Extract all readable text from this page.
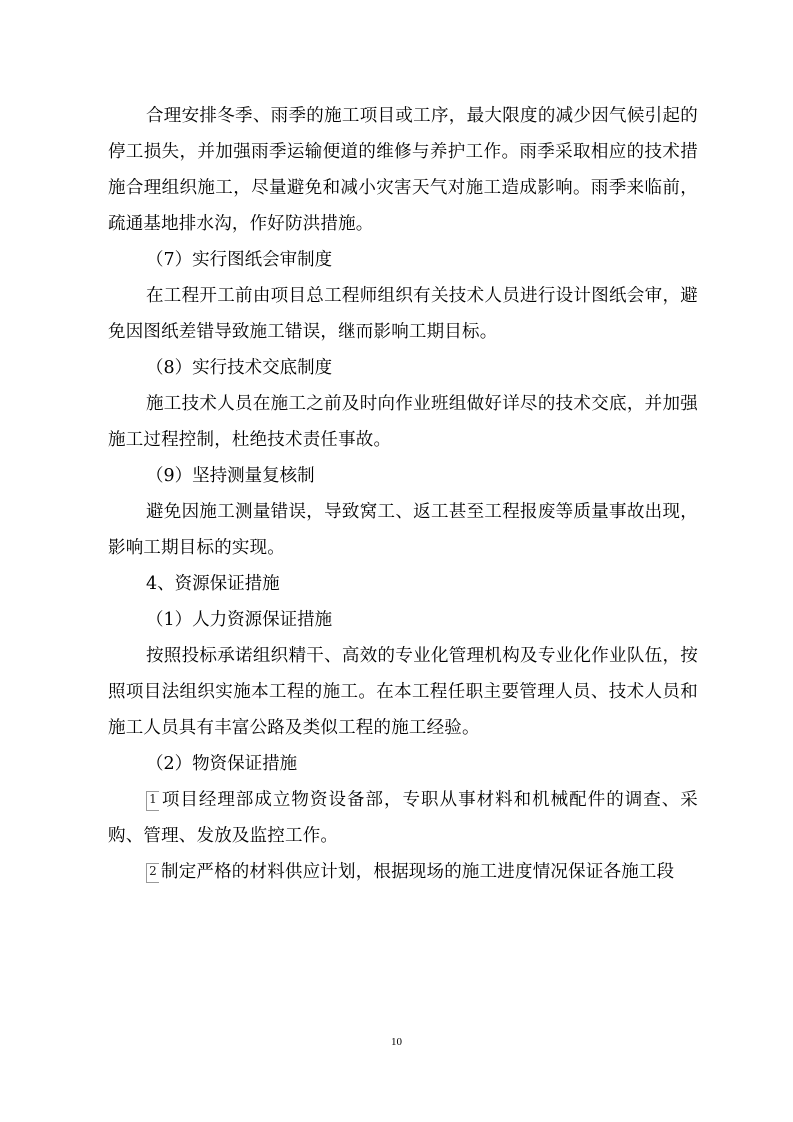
合理安排冬季、雨季的施工项目或工序，最大限度的减少因气候引起的停工损失，并加强雨季运输便道的维修与养护工作。雨季采取相应的技术措施合理组织施工，尽量避免和减小灾害天气对施工造成影响。雨季来临前，疏通基地排水沟，作好防洪措施。

（7）实行图纸会审制度

在工程开工前由项目总工程师组织有关技术人员进行设计图纸会审，避免因图纸差错导致施工错误，继而影响工期目标。

（8）实行技术交底制度

施工技术人员在施工之前及时向作业班组做好详尽的技术交底，并加强施工过程控制，杜绝技术责任事故。

（9）坚持测量复核制

避免因施工测量错误，导致窝工、返工甚至工程报废等质量事故出现，影响工期目标的实现。

4、资源保证措施

（1）人力资源保证措施

按照投标承诺组织精干、高效的专业化管理机构及专业化作业队伍，按照项目法组织实施本工程的施工。在本工程任职主要管理人员、技术人员和施工人员具有丰富公路及类似工程的施工经验。

（2）物资保证措施

1 项目经理部成立物资设备部，专职从事材料和机械配件的调查、采购、管理、发放及监控工作。

2 制定严格的材料供应计划，根据现场的施工进度情况保证各施工段

10
